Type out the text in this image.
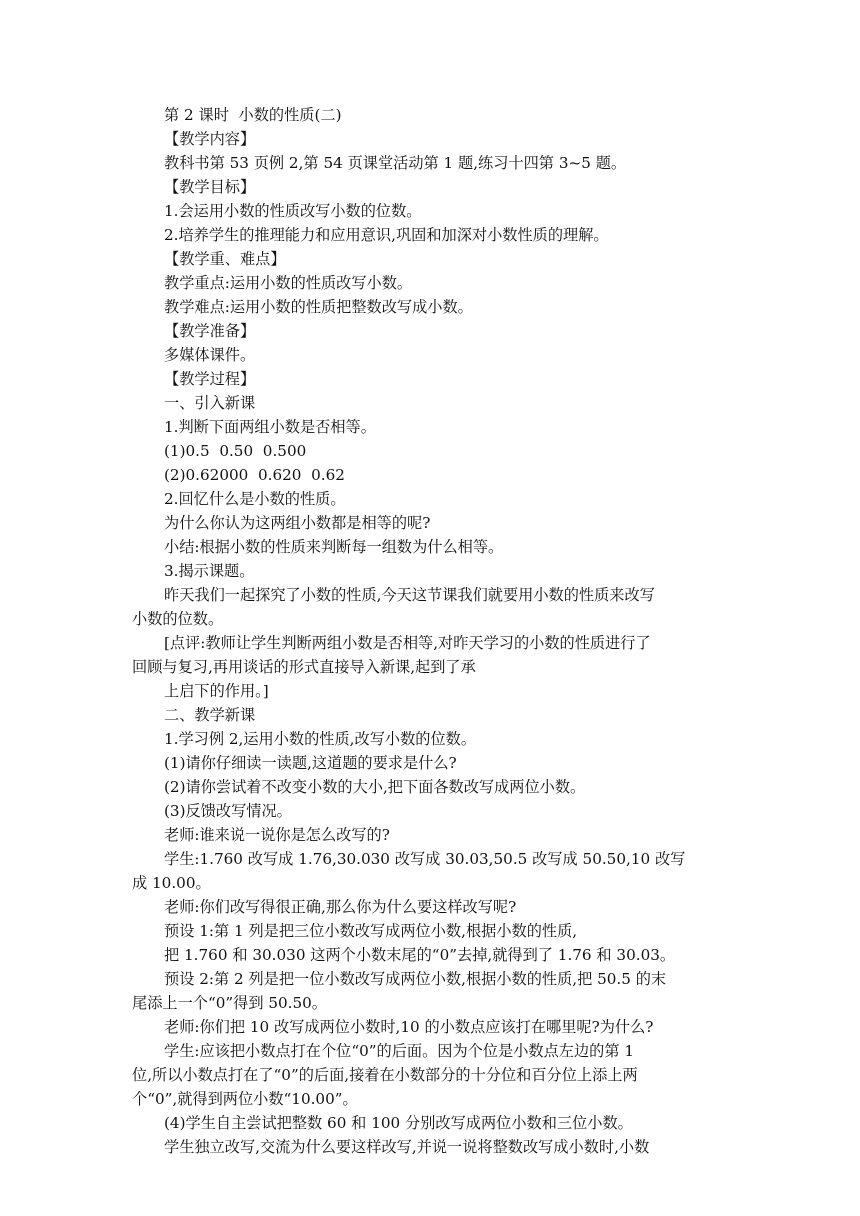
第 2 课时  小数的性质(二)
【教学内容】
教科书第 53 页例 2,第 54 页课堂活动第 1 题,练习十四第 3~5 题。
【教学目标】
1.会运用小数的性质改写小数的位数。
2.培养学生的推理能力和应用意识,巩固和加深对小数性质的理解。
【教学重、难点】
教学重点:运用小数的性质改写小数。
教学难点:运用小数的性质把整数改写成小数。
【教学准备】
多媒体课件。
【教学过程】
一、引入新课
1.判断下面两组小数是否相等。
(1)0.5  0.50  0.500
(2)0.62000  0.620  0.62
2.回忆什么是小数的性质。
为什么你认为这两组小数都是相等的呢?
小结:根据小数的性质来判断每一组数为什么相等。
3.揭示课题。
昨天我们一起探究了小数的性质,今天这节课我们就要用小数的性质来改写
小数的位数。
[点评:教师让学生判断两组小数是否相等,对昨天学习的小数的性质进行了
回顾与复习,再用谈话的形式直接导入新课,起到了承
上启下的作用。]
二、教学新课
1.学习例 2,运用小数的性质,改写小数的位数。
(1)请你仔细读一读题,这道题的要求是什么?
(2)请你尝试着不改变小数的大小,把下面各数改写成两位小数。
(3)反馈改写情况。
老师:谁来说一说你是怎么改写的?
学生:1.760 改写成 1.76,30.030 改写成 30.03,50.5 改写成 50.50,10 改写
成 10.00。
老师:你们改写得很正确,那么你为什么要这样改写呢?
预设 1:第 1 列是把三位小数改写成两位小数,根据小数的性质,
把 1.760 和 30.030 这两个小数末尾的“0”去掉,就得到了 1.76 和 30.03。
预设 2:第 2 列是把一位小数改写成两位小数,根据小数的性质,把 50.5 的末
尾添上一个“0”得到 50.50。
老师:你们把 10 改写成两位小数时,10 的小数点应该打在哪里呢?为什么?
学生:应该把小数点打在个位“0”的后面。因为个位是小数点左边的第 1
位,所以小数点打在了“0”的后面,接着在小数部分的十分位和百分位上添上两
个“0”,就得到两位小数“10.00”。
(4)学生自主尝试把整数 60 和 100 分别改写成两位小数和三位小数。
学生独立改写,交流为什么要这样改写,并说一说将整数改写成小数时,小数
